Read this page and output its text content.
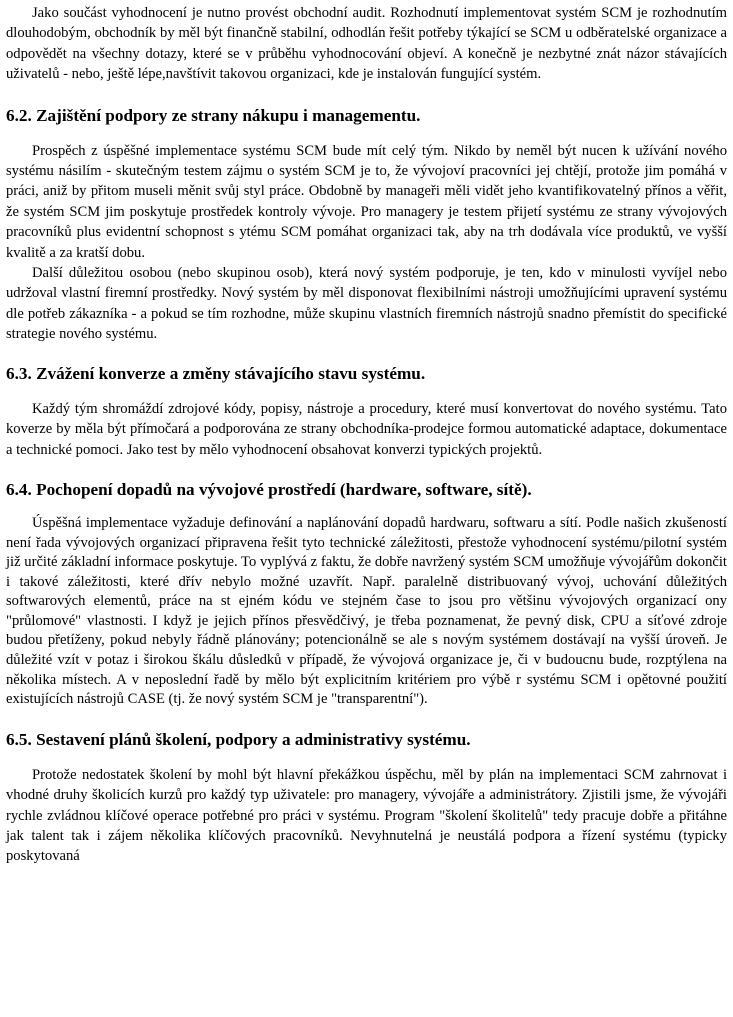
Jako součást vyhodnocení je nutno provést obchodní audit. Rozhodnutí implementovat systém SCM je rozhodnutím dlouhodobým, obchodník by měl být finančně stabilní, odhodlán řešit potřeby týkající se SCM u odběratelské organizace a odpovědět na všechny dotazy, které se v průběhu vyhodnocování objeví. A konečně je nezbytné znát názor stávajících uživatelů - nebo, ještě lépe,navštívit takovou organizaci, kde je instalován fungující systém.

6.2. Zajištění podpory ze strany nákupu i managementu.

Prospěch z úspěšné implementace systému SCM bude mít celý tým. Nikdo by neměl být nucen k užívání nového systému násilím - skutečným testem zájmu o systém SCM je to, že vývojoví pracovníci jej chtějí, protože jim pomáhá v práci, aniž by přitom museli měnit svůj styl práce. Obdobně by manageři měli vidět jeho kvantifikovatelný přínos a věřit, že systém SCM jim poskytuje prostředek kontroly vývoje. Pro managery je testem přijetí systému ze strany vývojových pracovníků plus evidentní schopnost s ytému SCM pomáhat organizaci tak, aby na trh dodávala více produktů, ve vyšší kvalitě a za kratší dobu.

Další důležitou osobou (nebo skupinou osob), která nový systém podporuje, je ten, kdo v minulosti vyvíjel nebo udržoval vlastní firemní prostředky. Nový systém by měl disponovat flexibilními nástroji umožňujícími upravení systému dle potřeb zákazníka - a pokud se tím rozhodne, může skupinu vlastních firemních nástrojů snadno přemístit do specifické strategie nového systému.

6.3. Zvážení konverze a změny stávajícího stavu systému.

Každý tým shromáždí zdrojové kódy, popisy, nástroje a procedury, které musí konvertovat do nového systému. Tato koverze by měla být přímočará a podporována ze strany obchodníka-prodejce formou automatické adaptace, dokumentace a technické pomoci. Jako test by mělo vyhodnocení obsahovat konverzi typických projektů.

6.4. Pochopení dopadů na vývojové prostředí (hardware, software, sítě).

Úspěšná implementace vyžaduje definování a naplánování dopadů hardwaru, softwaru a sítí. Podle našich zkušeností není řada vývojových organizací připravena řešit tyto technické záležitosti, přestože vyhodnocení systému/pilotní systém již určité základní informace poskytuje. To vyplývá z faktu, že dobře navržený systém SCM umožňuje vývojářům dokončit i takové záležitosti, které dřív nebylo možné uzavřít. Např. paralelně distribuovaný vývoj, uchování důležitých softwarových elementů, práce na st ejném kódu ve stejném čase to jsou pro většinu vývojových organizací ony "průlomové" vlastnosti. I když je jejich přínos přesvědčivý, je třeba poznamenat, že pevný disk, CPU a síťové zdroje budou přetíženy, pokud nebyly řádně plánovány; potencionálně se ale s novým systémem dostávají na vyšší úroveň. Je důležité vzít v potaz i širokou škálu důsledků v případě, že vývojová organizace je, či v budoucnu bude, rozptýlena na několika místech. A v neposlední řadě by mělo být explicitním kritériem pro výbě r systému SCM i opětovné použití existujících nástrojů CASE (tj. že nový systém SCM je "transparentní").

6.5. Sestavení plánů školení, podpory a administrativy systému.

Protože nedostatek školení by mohl být hlavní překážkou úspěchu, měl by plán na implementaci SCM zahrnovat i vhodné druhy školicích kurzů pro každý typ uživatele: pro managery, vývojáře a administrátory. Zjistili jsme, že vývojáři rychle zvládnou klíčové operace potřebné pro práci v systému. Program "školení školitelů" tedy pracuje dobře a přitáhne jak talent tak i zájem několika klíčových pracovníků. Nevyhnutelná je neustálá podpora a řízení systému (typicky poskytovaná
